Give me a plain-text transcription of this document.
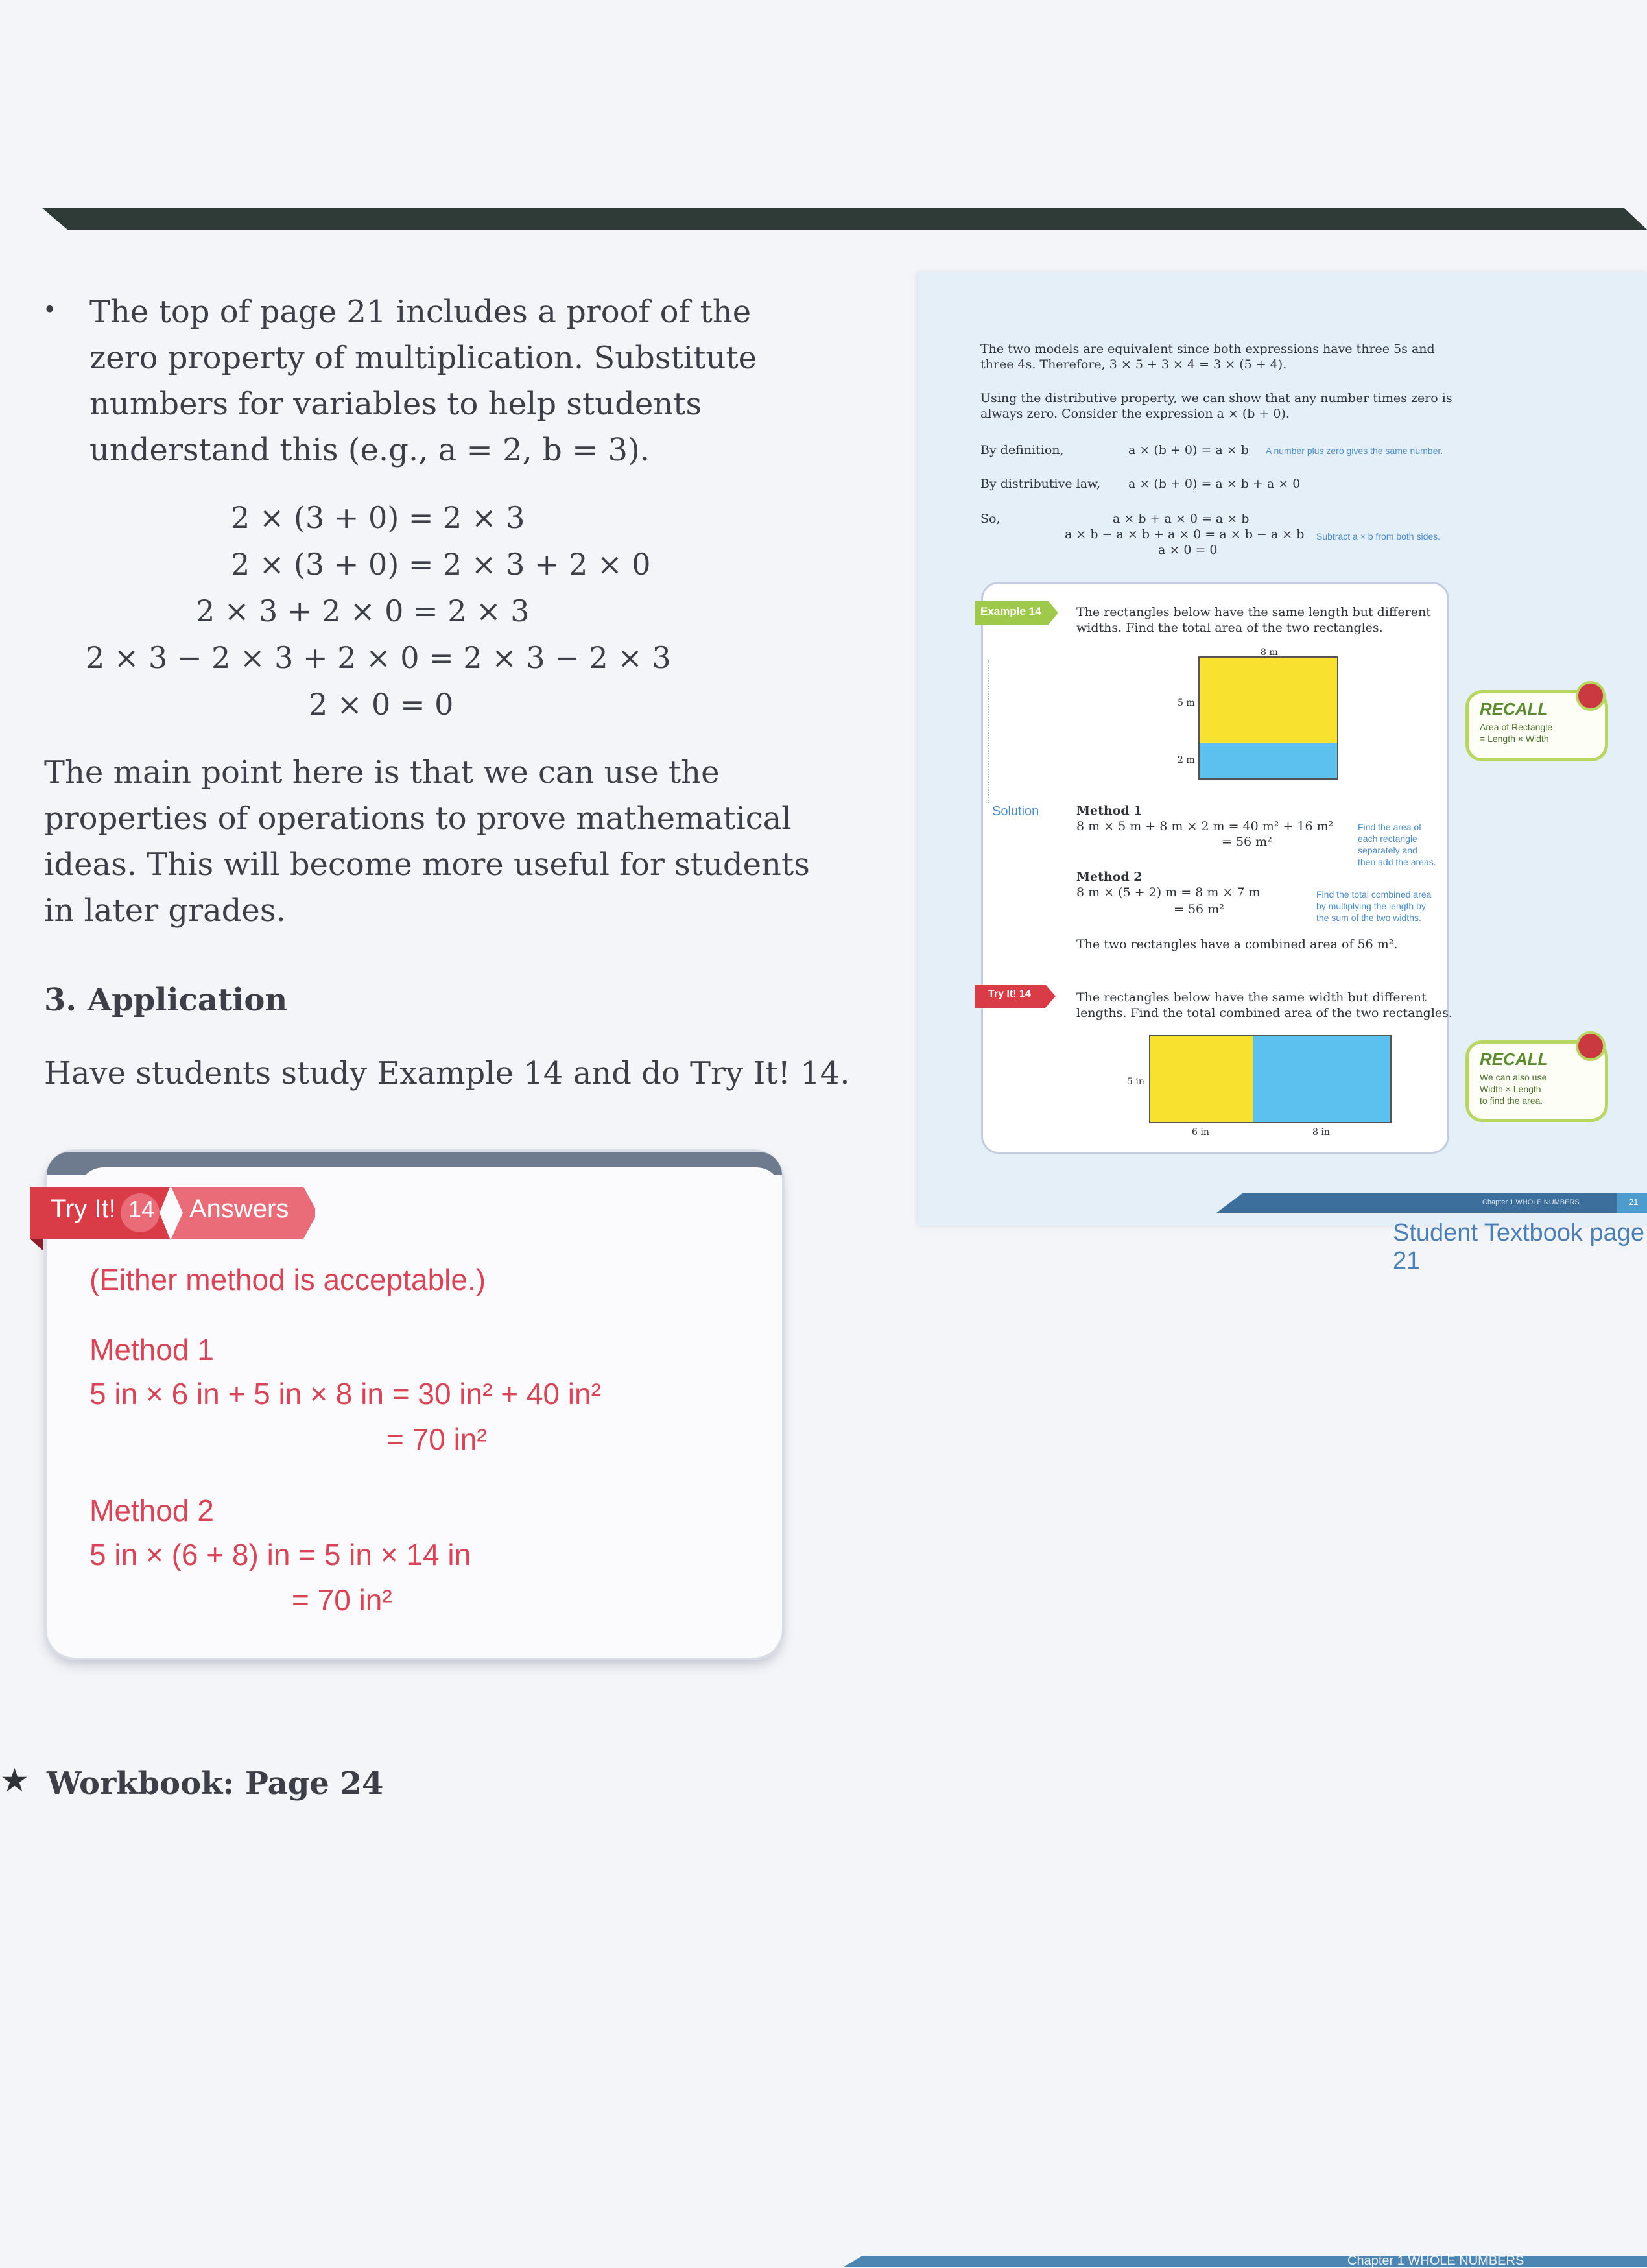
• The top of page 21 includes a proof of the
zero property of multiplication. Substitute
numbers for variables to help students
understand this (e.g., a = 2, b = 3).
2 × (3 + 0) = 2 × 3
2 × (3 + 0) = 2 × 3 + 2 × 0
2 × 3 + 2 × 0 = 2 × 3
2 × 3 − 2 × 3 + 2 × 0 = 2 × 3 − 2 × 3
2 × 0 = 0
The main point here is that we can use the
properties of operations to prove mathematical
ideas. This will become more useful for students
in later grades.
3. Application
Have students study Example 14 and do Try It! 14.
Try It! 14 Answers
(Either method is acceptable.)
Method 1
5 in × 6 in + 5 in × 8 in = 30 in² + 40 in²
= 70 in²
Method 2
5 in × (6 + 8) in = 5 in × 14 in
= 70 in²
★ Workbook: Page 24
The two models are equivalent since both expressions have three 5s and
three 4s. Therefore, 3 × 5 + 3 × 4 = 3 × (5 + 4).
Using the distributive property, we can show that any number times zero is
always zero. Consider the expression a × (b + 0).
By definition,	a × (b + 0) = a × b A number plus zero gives the same number.
By distributive law, a × (b + 0) = a × b + a × 0
So,	a × b + a × 0 = a × b
a × b − a × b + a × 0 = a × b − a × b
a × 0 = 0
Subtract a × b from both sides.
Example 14	The rectangles below have the same length but different
widths. Find the total area of the two rectangles.
8 m
5 m
2 m
Solution	Method 1
8 m × 5 m + 8 m × 2 m = 40 m² + 16 m²
= 56 m²
Find the area of
each rectangle
separately and
then add the areas.
Method 2
8 m × (5 + 2) m = 8 m × 7 m
= 56 m²
Find the total combined area
by multiplying the length by
the sum of the two widths.
The two rectangles have a combined area of 56 m².
Try It! 14	The rectangles below have the same width but different
lengths. Find the total combined area of the two rectangles.
5 in
6 in	8 in
RECALL
Area of Rectangle
= Length × Width
RECALL
We can also use
Width × Length
to find the area.
Chapter 1 WHOLE NUMBERS	21
Student Textbook page 21
Chapter 1 WHOLE NUMBERS
